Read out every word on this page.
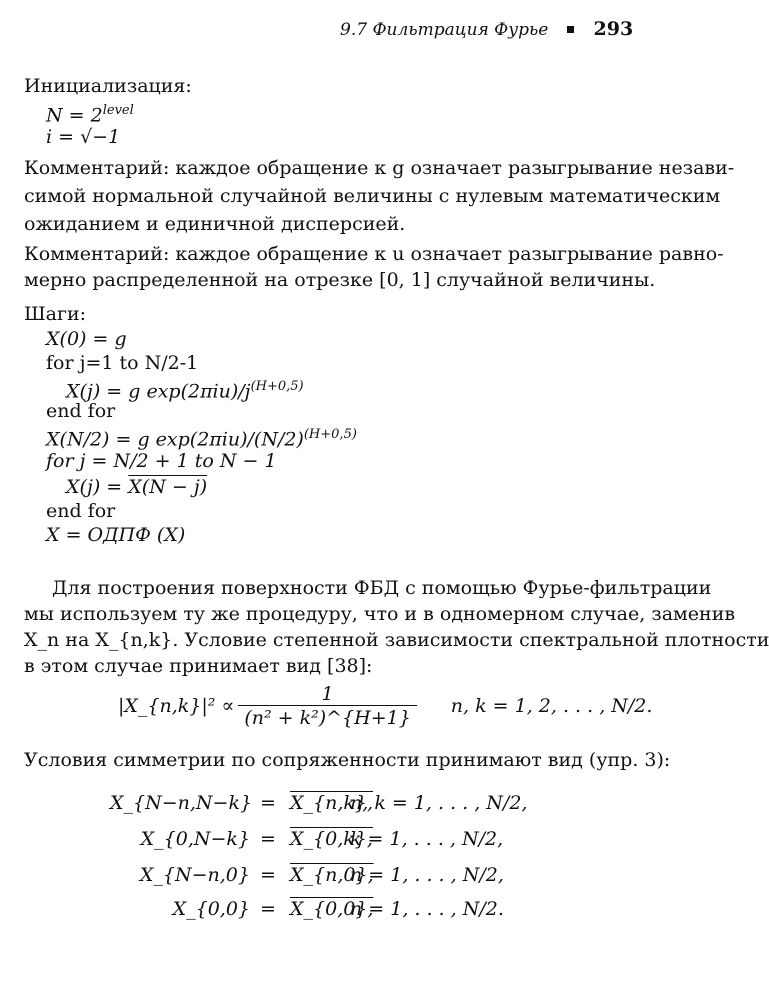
9.7 Фильтрация Фурье 293
Инициализация:
$N = 2^{level}$
i = √−1
Комментарий: каждое обращение к g означает разыгрывание незави-
симой нормальной случайной величины с нулевым математическим
ожиданием и единичной дисперсией.
Комментарий: каждое обращение к u означает разыгрывание равно-
мерно распределенной на отрезке [0, 1] случайной величины.
Шаги:
X(0) = g
for j=1 to N/2-1
X(j) = g $\exp(2\pi iu)/j^{(H+0,5)}$
end for
X(N/2) = g $\exp(2\pi iu)/(N/2)^{(H+0,5)}$
for j = N/2 + 1 to N − 1
X(j) = X(N − j)
end for
X = ОДПФ (X)
Для построения поверхности ФБД с помощью Фурье-фильтрации
мы используем ту же процедуру, что и в одномерном случае, заменив
X_n на X_{n,k}. Условие степенной зависимости спектральной плотности
в этом случае принимает вид [38]:
|X_{n,k}|² ∝ $\frac{1}{\text{(n² + k²)\textasciicircum{}\{H+1\}}} n$, k = 1, 2, . . . , N/2.
Условия симметрии по сопряженности принимают вид (упр. 3):
X_{N−n,N−k} = X_{n,k},
n, k = 1, . . . , N/2,
X_{0,N−k} = X_{0,k},
k = 1, . . . , N/2,
X_{N−n,0} = X_{n,0},
n = 1, . . . , N/2,
X_{0,0} = X_{0,0},
n = 1, . . . , N/2.
